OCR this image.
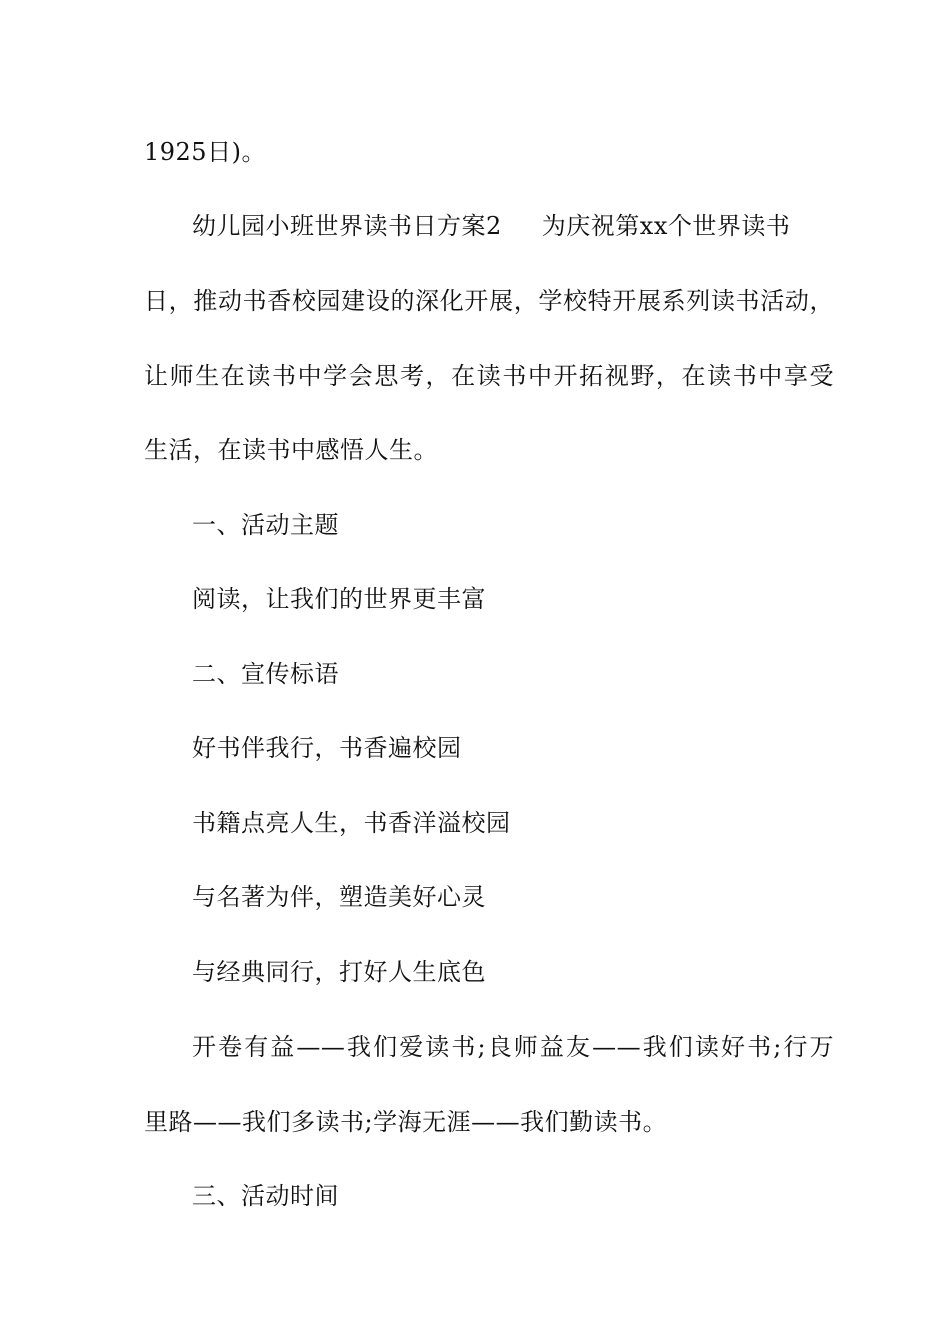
1925日)。
幼儿园小班世界读书日方案2 为庆祝第xx个世界读书
日，推动书香校园建设的深化开展，学校特开展系列读书活动，
让师生在读书中学会思考，在读书中开拓视野，在读书中享受
生活，在读书中感悟人生。
一、活动主题
阅读，让我们的世界更丰富
二、宣传标语
好书伴我行，书香遍校园
书籍点亮人生，书香洋溢校园
与名著为伴，塑造美好心灵
与经典同行，打好人生底色
开卷有益——我们爱读书;良师益友——我们读好书;行万
里路——我们多读书;学海无涯——我们勤读书。
三、活动时间
